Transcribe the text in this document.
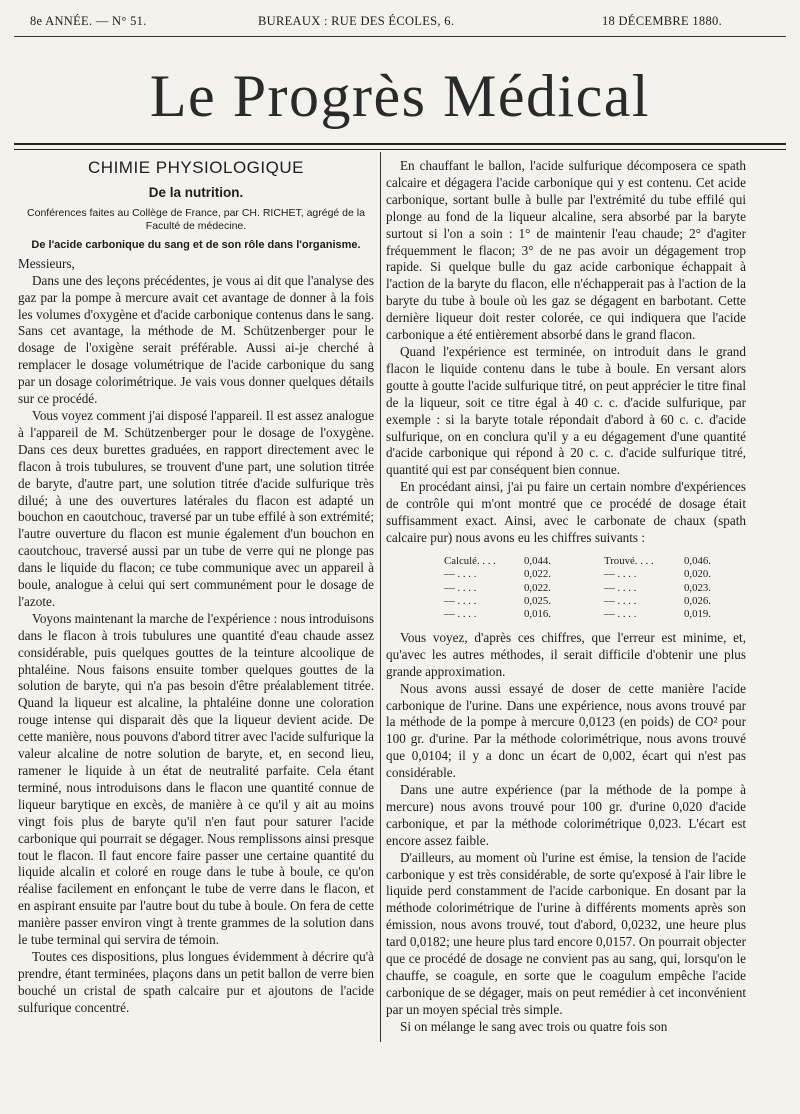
8e ANNÉE. — N° 51.	BUREAUX : RUE DES ÉCOLES, 6.	18 DÉCEMBRE 1880.
Le Progrès Médical
CHIMIE PHYSIOLOGIQUE
De la nutrition.
Conférences faites au Collège de France, par CH. RICHET, agrégé de la Faculté de médecine.
De l'acide carbonique du sang et de son rôle dans l'organisme.

Messieurs,

Dans une des leçons précédentes, je vous ai dit que l'analyse des gaz par la pompe à mercure avait cet avantage de donner à la fois les volumes d'oxygène et d'acide carbonique contenus dans le sang. Sans cet avantage, la méthode de M. Schützenberger pour le dosage de l'oxigène serait préférable. Aussi ai-je cherché à remplacer le dosage volumétrique de l'acide carbonique du sang par un dosage colorimétrique. Je vais vous donner quelques détails sur ce procédé.

Vous voyez comment j'ai disposé l'appareil. Il est assez analogue à l'appareil de M. Schützenberger pour le dosage de l'oxygène. Dans ces deux burettes graduées, en rapport directement avec le flacon à trois tubulures, se trouvent d'une part, une solution titrée de baryte, d'autre part, une solution titrée d'acide sulfurique très dilué; à une des ouvertures latérales du flacon est adapté un bouchon en caoutchouc, traversé par un tube effilé à son extrémité; l'autre ouverture du flacon est munie également d'un bouchon en caoutchouc, traversé aussi par un tube de verre qui ne plonge pas dans le liquide du flacon; ce tube communique avec un appareil à boule, analogue à celui qui sert communément pour le dosage de l'azote.

Voyons maintenant la marche de l'expérience : nous introduisons dans le flacon à trois tubulures une quantité d'eau chaude assez considérable, puis quelques gouttes de la teinture alcoolique de phtaléine. Nous faisons ensuite tomber quelques gouttes de la solution de baryte, qui n'a pas besoin d'être préalablement titrée. Quand la liqueur est alcaline, la phtaléine donne une coloration rouge intense qui disparait dès que la liqueur devient acide. De cette manière, nous pouvons d'abord titrer avec l'acide sulfurique la valeur alcaline de notre solution de baryte, et, en second lieu, ramener le liquide à un état de neutralité parfaite. Cela étant terminé, nous introduisons dans le flacon une quantité connue de liqueur barytique en excès, de manière à ce qu'il y ait au moins vingt fois plus de baryte qu'il n'en faut pour saturer l'acide carbonique qui pourrait se dégager. Nous remplissons ainsi presque tout le flacon. Il faut encore faire passer une certaine quantité du liquide alcalin et coloré en rouge dans le tube à boule, ce qu'on réalise facilement en enfonçant le tube de verre dans le flacon, et en aspirant ensuite par l'autre bout du tube à boule. On fera de cette manière passer environ vingt à trente grammes de la solution dans le tube terminal qui servira de témoin.

Toutes ces dispositions, plus longues évidemment à décrire qu'à prendre, étant terminées, plaçons dans un petit ballon de verre bien bouché un cristal de spath calcaire pur et ajoutons de l'acide sulfurique concentré.

En chauffant le ballon, l'acide sulfurique décomposera ce spath calcaire et dégagera l'acide carbonique qui y est contenu. Cet acide carbonique, sortant bulle à bulle par l'extrémité du tube effilé qui plonge au fond de la liqueur alcaline, sera absorbé par la baryte surtout si l'on a soin : 1° de maintenir l'eau chaude; 2° d'agiter fréquemment le flacon; 3° de ne pas avoir un dégagement trop rapide. Si quelque bulle du gaz acide carbonique échappait à l'action de la baryte du flacon, elle n'échapperait pas à l'action de la baryte du tube à boule où les gaz se dégagent en barbotant. Cette dernière liqueur doit rester colorée, ce qui indiquera que l'acide carbonique a été entièrement absorbé dans le grand flacon.

Quand l'expérience est terminée, on introduit dans le grand flacon le liquide contenu dans le tube à boule. En versant alors goutte à goutte l'acide sulfurique titré, on peut apprécier le titre final de la liqueur, soit ce titre égal à 40 c. c. d'acide sulfurique, par exemple : si la baryte totale répondait d'abord à 60 c. c. d'acide sulfurique, on en conclura qu'il y a eu dégagement d'une quantité d'acide carbonique qui répond à 20 c. c. d'acide sulfurique titré, quantité qui est par conséquent bien connue.

En procédant ainsi, j'ai pu faire un certain nombre d'expériences de contrôle qui m'ont montré que ce procédé de dosage était suffisamment exact. Ainsi, avec le carbonate de chaux (spath calcaire pur) nous avons eu les chiffres suivants :

Calculé. . . .	0,044.	Trouvé. . . .	0,046.
— . . . .	0,022.	— . . . .	0,020.
— . . . .	0,022.	— . . . .	0,023.
— . . . .	0,025.	— . . . .	0,026.
— . . . .	0,016.	— . . . .	0,019.

Vous voyez, d'après ces chiffres, que l'erreur est minime, et, qu'avec les autres méthodes, il serait difficile d'obtenir une plus grande approximation.

Nous avons aussi essayé de doser de cette manière l'acide carbonique de l'urine. Dans une expérience, nous avons trouvé par la méthode de la pompe à mercure 0,0123 (en poids) de CO² pour 100 gr. d'urine. Par la méthode colorimétrique, nous avons trouvé que 0,0104; il y a donc un écart de 0,002, écart qui n'est pas considérable.

Dans une autre expérience (par la méthode de la pompe à mercure) nous avons trouvé pour 100 gr. d'urine 0,020 d'acide carbonique, et par la méthode colorimétrique 0,023. L'écart est encore assez faible.

D'ailleurs, au moment où l'urine est émise, la tension de l'acide carbonique y est très considérable, de sorte qu'exposé à l'air libre le liquide perd constamment de l'acide carbonique. En dosant par la méthode colorimétrique de l'urine à différents moments après son émission, nous avons trouvé, tout d'abord, 0,0232, une heure plus tard 0,0182; une heure plus tard encore 0,0157. On pourrait objecter que ce procédé de dosage ne convient pas au sang, qui, lorsqu'on le chauffe, se coagule, en sorte que le coagulum empêche l'acide carbonique de se dégager, mais on peut remédier à cet inconvénient par un moyen spécial très simple.

Si on mélange le sang avec trois ou quatre fois son
